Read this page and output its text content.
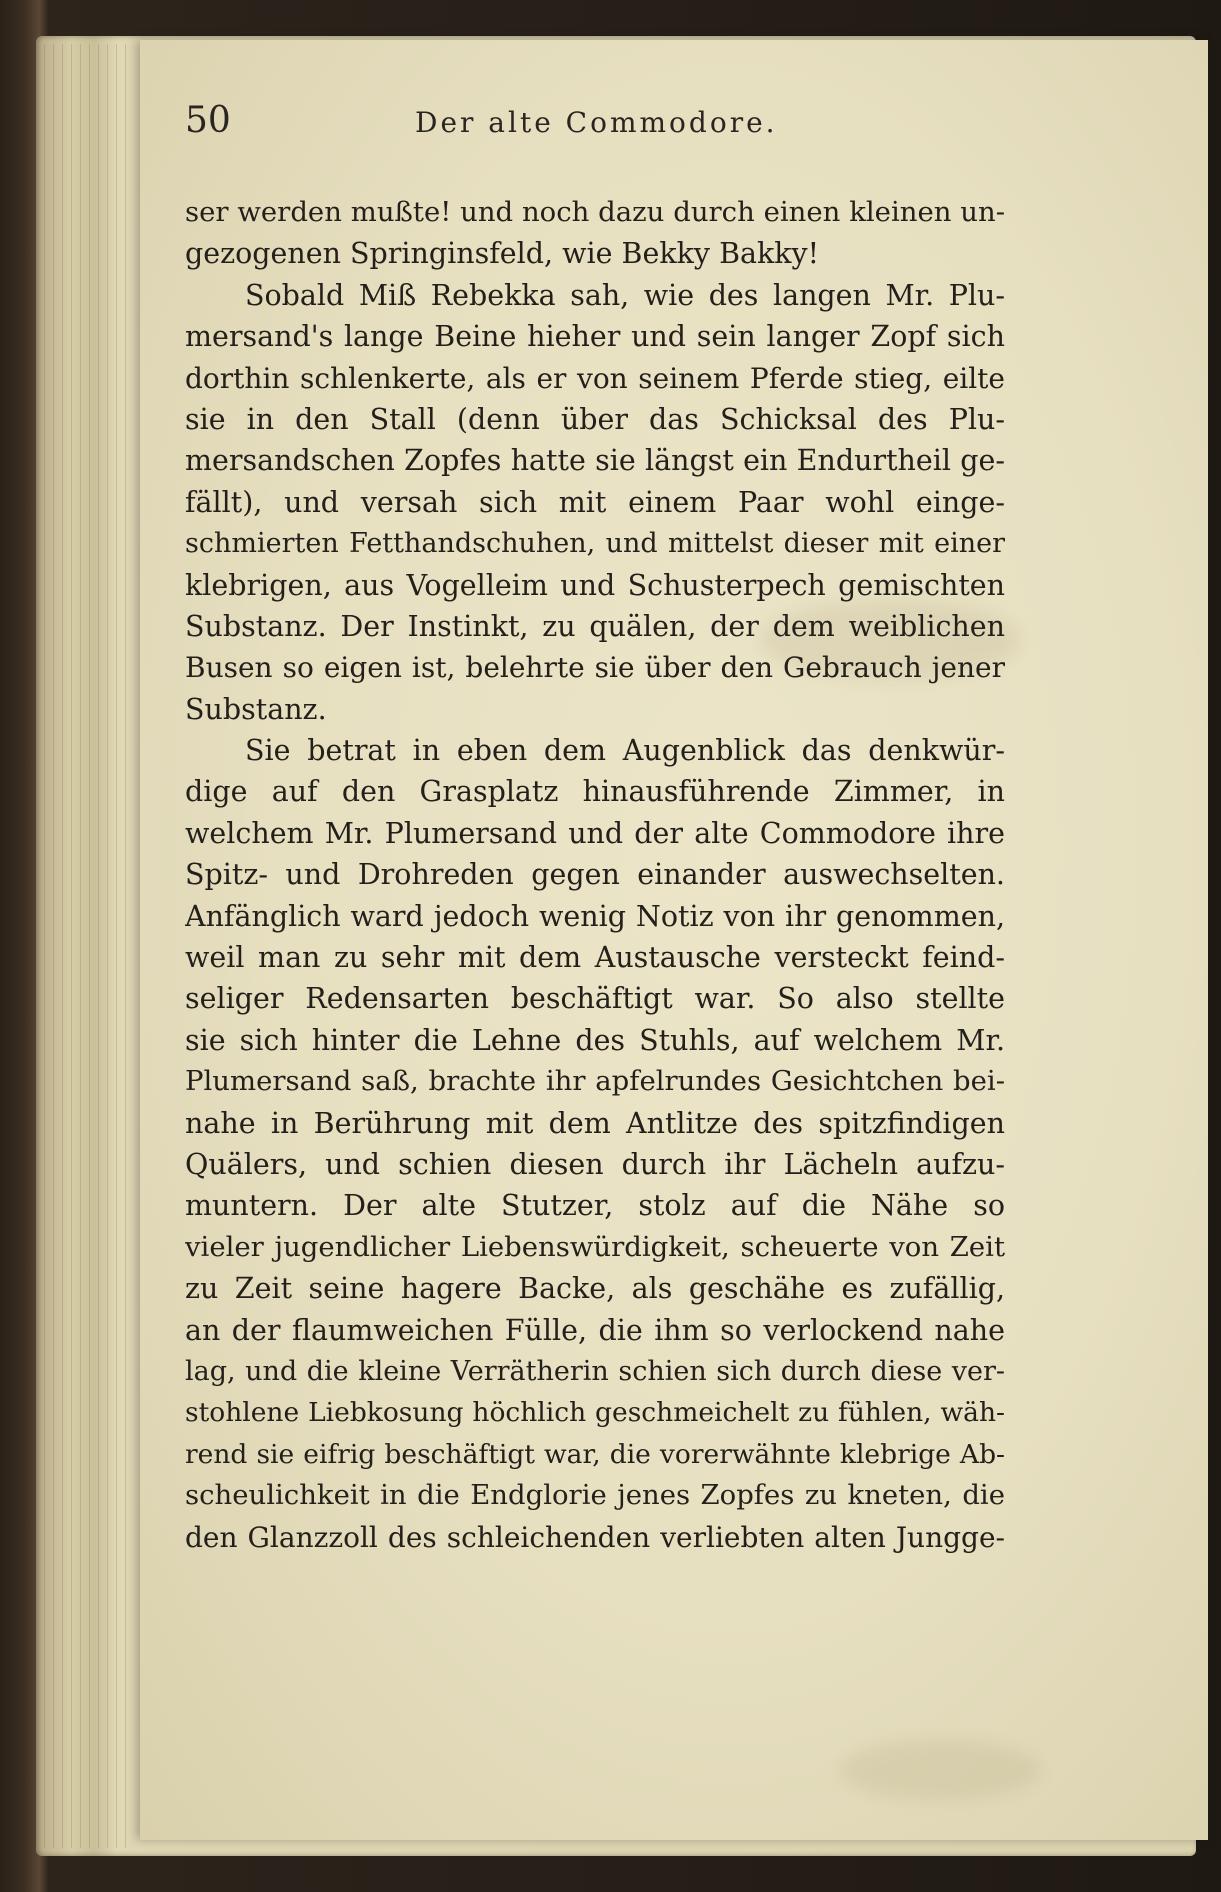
50	Der alte Commodore.
ser werden mußte! und noch dazu durch einen kleinen un-
gezogenen Springinsfeld, wie Bekky Bakky!
Sobald Miß Rebekka sah, wie des langen Mr. Plu-
mersand's lange Beine hieher und sein langer Zopf sich
dorthin schlenkerte, als er von seinem Pferde stieg, eilte
sie in den Stall (denn über das Schicksal des Plu-
mersandschen Zopfes hatte sie längst ein Endurtheil ge-
fällt), und versah sich mit einem Paar wohl einge-
schmierten Fetthandschuhen, und mittelst dieser mit einer
klebrigen, aus Vogelleim und Schusterpech gemischten
Substanz. Der Instinkt, zu quälen, der dem weiblichen
Busen so eigen ist, belehrte sie über den Gebrauch jener
Substanz.
Sie betrat in eben dem Augenblick das denkwür-
dige auf den Grasplatz hinausführende Zimmer, in
welchem Mr. Plumersand und der alte Commodore ihre
Spitz- und Drohreden gegen einander auswechselten.
Anfänglich ward jedoch wenig Notiz von ihr genommen,
weil man zu sehr mit dem Austausche versteckt feind-
seliger Redensarten beschäftigt war. So also stellte
sie sich hinter die Lehne des Stuhls, auf welchem Mr.
Plumersand saß, brachte ihr apfelrundes Gesichtchen bei-
nahe in Berührung mit dem Antlitze des spitzfindigen
Quälers, und schien diesen durch ihr Lächeln aufzu-
muntern. Der alte Stutzer, stolz auf die Nähe so
vieler jugendlicher Liebenswürdigkeit, scheuerte von Zeit
zu Zeit seine hagere Backe, als geschähe es zufällig,
an der flaumweichen Fülle, die ihm so verlockend nahe
lag, und die kleine Verrätherin schien sich durch diese ver-
stohlene Liebkosung höchlich geschmeichelt zu fühlen, wäh-
rend sie eifrig beschäftigt war, die vorerwähnte klebrige Ab-
scheulichkeit in die Endglorie jenes Zopfes zu kneten, die
den Glanzzoll des schleichenden verliebten alten Jungge-
